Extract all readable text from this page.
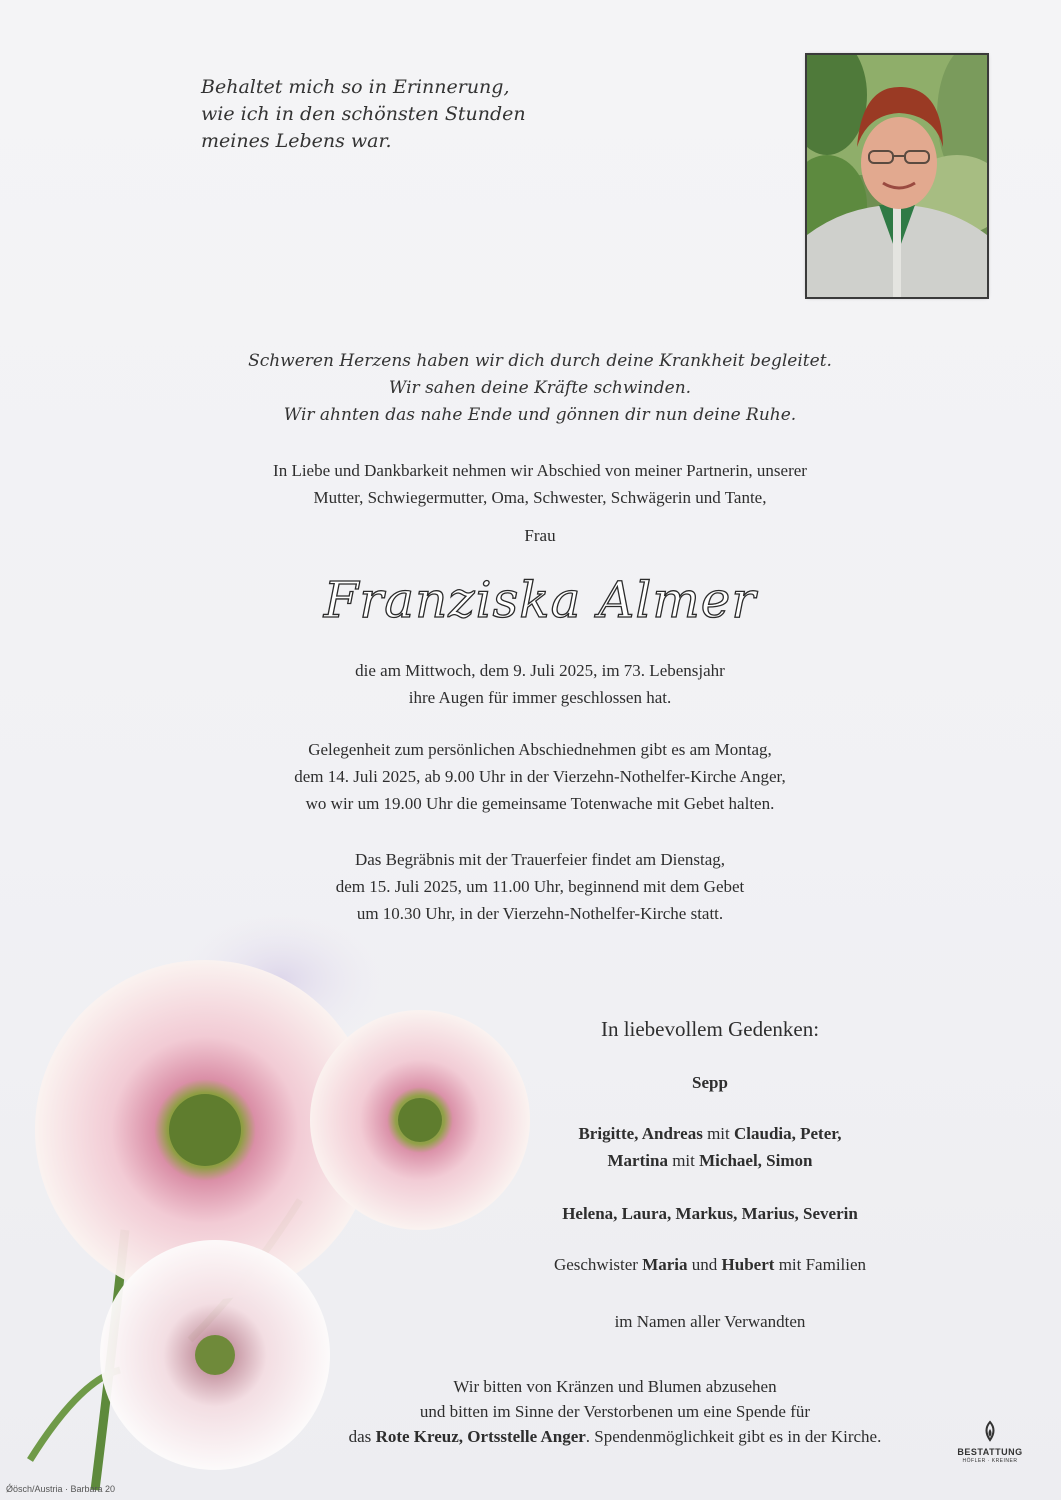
Behaltet mich so in Erinnerung,
wie ich in den schönsten Stunden
meines Lebens war.
Schweren Herzens haben wir dich durch deine Krankheit begleitet.
Wir sahen deine Kräfte schwinden.
Wir ahnten das nahe Ende und gönnen dir nun deine Ruhe.
In Liebe und Dankbarkeit nehmen wir Abschied von meiner Partnerin, unserer
Mutter, Schwiegermutter, Oma, Schwester, Schwägerin und Tante,
Frau
Franziska Almer
die am Mittwoch, dem 9. Juli 2025, im 73. Lebensjahr
ihre Augen für immer geschlossen hat.
Gelegenheit zum persönlichen Abschiednehmen gibt es am Montag,
dem 14. Juli 2025, ab 9.00 Uhr in der Vierzehn-Nothelfer-Kirche Anger,
wo wir um 19.00 Uhr die gemeinsame Totenwache mit Gebet halten.
Das Begräbnis mit der Trauerfeier findet am Dienstag,
dem 15. Juli 2025, um 11.00 Uhr, beginnend mit dem Gebet
um 10.30 Uhr, in der Vierzehn-Nothelfer-Kirche statt.
In liebevollem Gedenken:
Sepp
Brigitte, Andreas mit Claudia, Peter,
Martina mit Michael, Simon
Helena, Laura, Markus, Marius, Severin
Geschwister Maria und Hubert mit Familien
im Namen aller Verwandten
Wir bitten von Kränzen und Blumen abzusehen
und bitten im Sinne der Verstorbenen um eine Spende für
das Rote Kreuz, Ortsstelle Anger. Spendenmöglichkeit gibt es in der Kirche.
BESTATTUNG
HÖFLER · KREINER
Ǿösch/Austria · Barbara 20
